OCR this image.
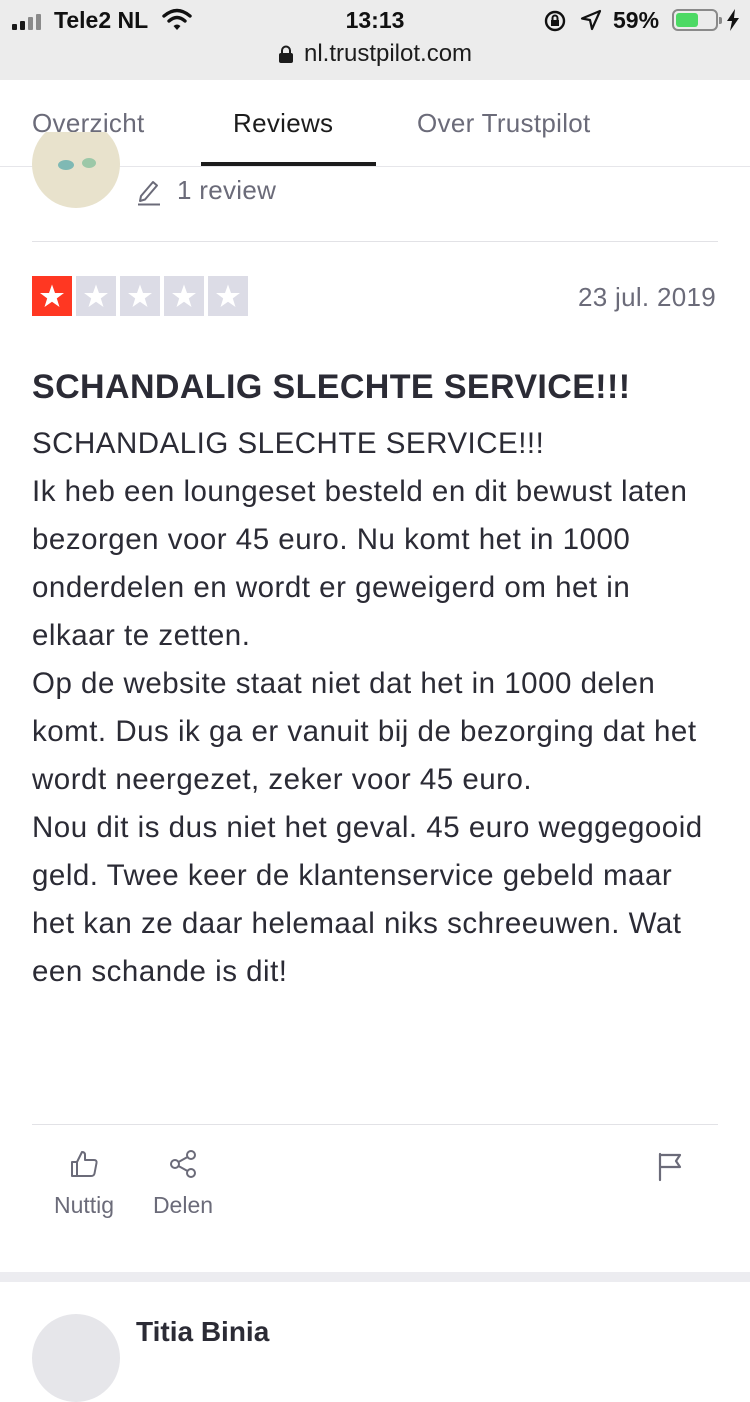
Tele2 NL	13:13	59%
nl.trustpilot.com
Overzicht	Reviews	Over Trustpilot
1 review
23 jul. 2019
SCHANDALIG SLECHTE SERVICE!!!

SCHANDALIG SLECHTE SERVICE!!!

Ik heb een loungeset besteld en dit bewust laten bezorgen voor 45 euro. Nu komt het in 1000 onderdelen en wordt er geweigerd om het in elkaar te zetten.

Op de website staat niet dat het in 1000 delen komt. Dus ik ga er vanuit bij de bezorging dat het wordt neergezet, zeker voor 45 euro.

Nou dit is dus niet het geval. 45 euro weggegooid geld. Twee keer de klantenservice gebeld maar het kan ze daar helemaal niks schreeuwen. Wat een schande is dit!

Nuttig Delen
Titia Binia
